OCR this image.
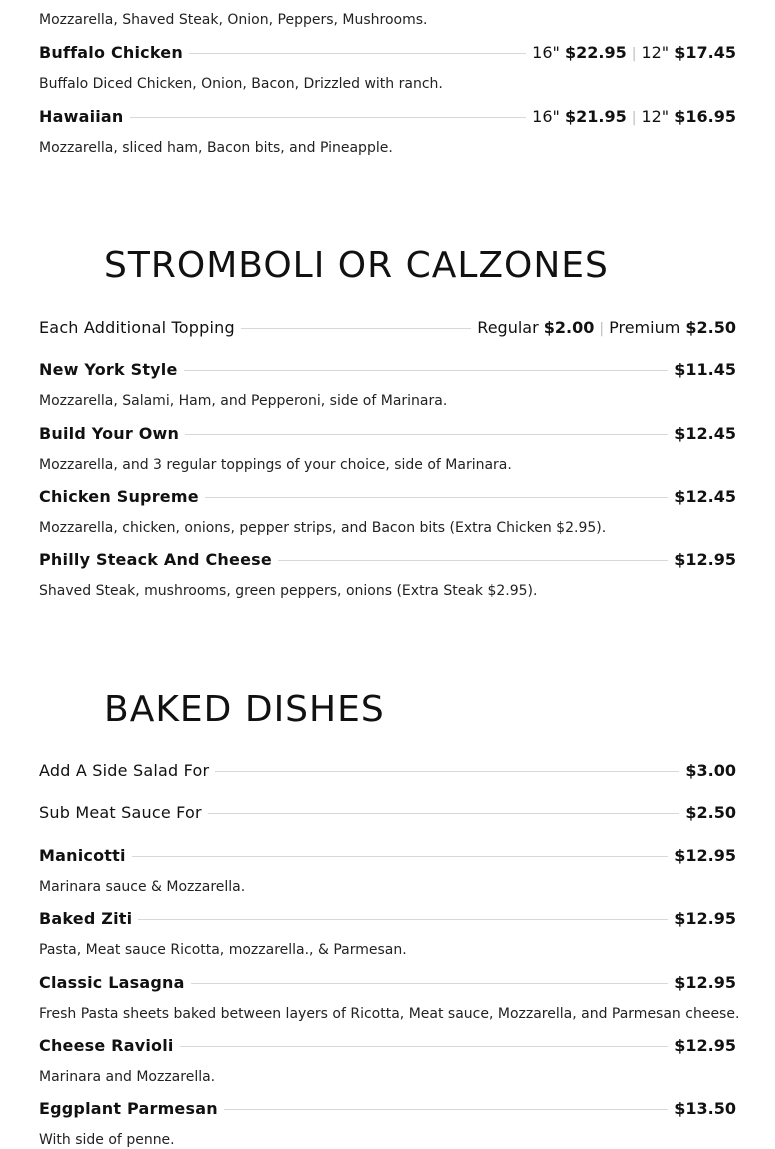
Mozzarella, Shaved Steak, Onion, Peppers, Mushrooms.
Buffalo Chicken	16" $22.95 | 12" $17.45
Buffalo Diced Chicken, Onion, Bacon, Drizzled with ranch.
Hawaiian	16" $21.95 | 12" $16.95
Mozzarella, sliced ham, Bacon bits, and Pineapple.
STROMBOLI OR CALZONES
Each Additional Topping	Regular $2.00 | Premium $2.50
New York Style	$11.45
Mozzarella, Salami, Ham, and Pepperoni, side of Marinara.
Build Your Own	$12.45
Mozzarella, and 3 regular toppings of your choice, side of Marinara.
Chicken Supreme	$12.45
Mozzarella, chicken, onions, pepper strips, and Bacon bits (Extra Chicken $2.95).
Philly Steack And Cheese	$12.95
Shaved Steak, mushrooms, green peppers, onions (Extra Steak $2.95).
BAKED DISHES
Add A Side Salad For	$3.00
Sub Meat Sauce For	$2.50
Manicotti	$12.95
Marinara sauce & Mozzarella.
Baked Ziti	$12.95
Pasta, Meat sauce Ricotta, mozzarella., & Parmesan.
Classic Lasagna	$12.95
Fresh Pasta sheets baked between layers of Ricotta, Meat sauce, Mozzarella, and Parmesan cheese.
Cheese Ravioli	$12.95
Marinara and Mozzarella.
Eggplant Parmesan	$13.50
With side of penne.
